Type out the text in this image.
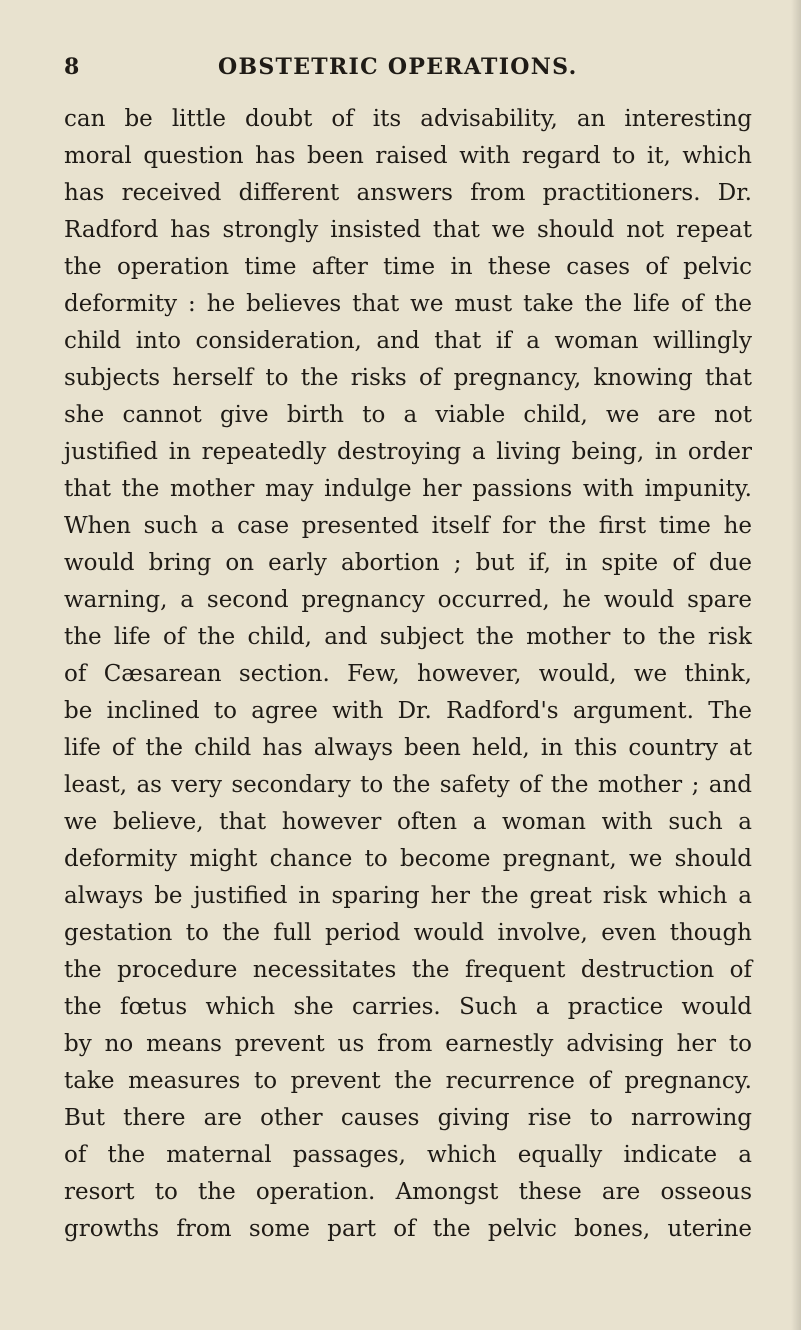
8	OBSTETRIC OPERATIONS.
can be little doubt of its advisability, an interesting
moral question has been raised with regard to it, which
has received different answers from practitioners. Dr.
Radford has strongly insisted that we should not repeat
the operation time after time in these cases of pelvic
deformity : he believes that we must take the life of the
child into consideration, and that if a woman willingly
subjects herself to the risks of pregnancy, knowing that
she cannot give birth to a viable child, we are not
justified in repeatedly destroying a living being, in order
that the mother may indulge her passions with impunity.
When such a case presented itself for the first time he
would bring on early abortion ; but if, in spite of due
warning, a second pregnancy occurred, he would spare
the life of the child, and subject the mother to the risk
of Cæsarean section. Few, however, would, we think,
be inclined to agree with Dr. Radford's argument. The
life of the child has always been held, in this country at
least, as very secondary to the safety of the mother ; and
we believe, that however often a woman with such a
deformity might chance to become pregnant, we should
always be justified in sparing her the great risk which a
gestation to the full period would involve, even though
the procedure necessitates the frequent destruction of
the fœtus which she carries. Such a practice would
by no means prevent us from earnestly advising her to
take measures to prevent the recurrence of pregnancy.
But there are other causes giving rise to narrowing
of the maternal passages, which equally indicate a
resort to the operation. Amongst these are osseous
growths from some part of the pelvic bones, uterine
